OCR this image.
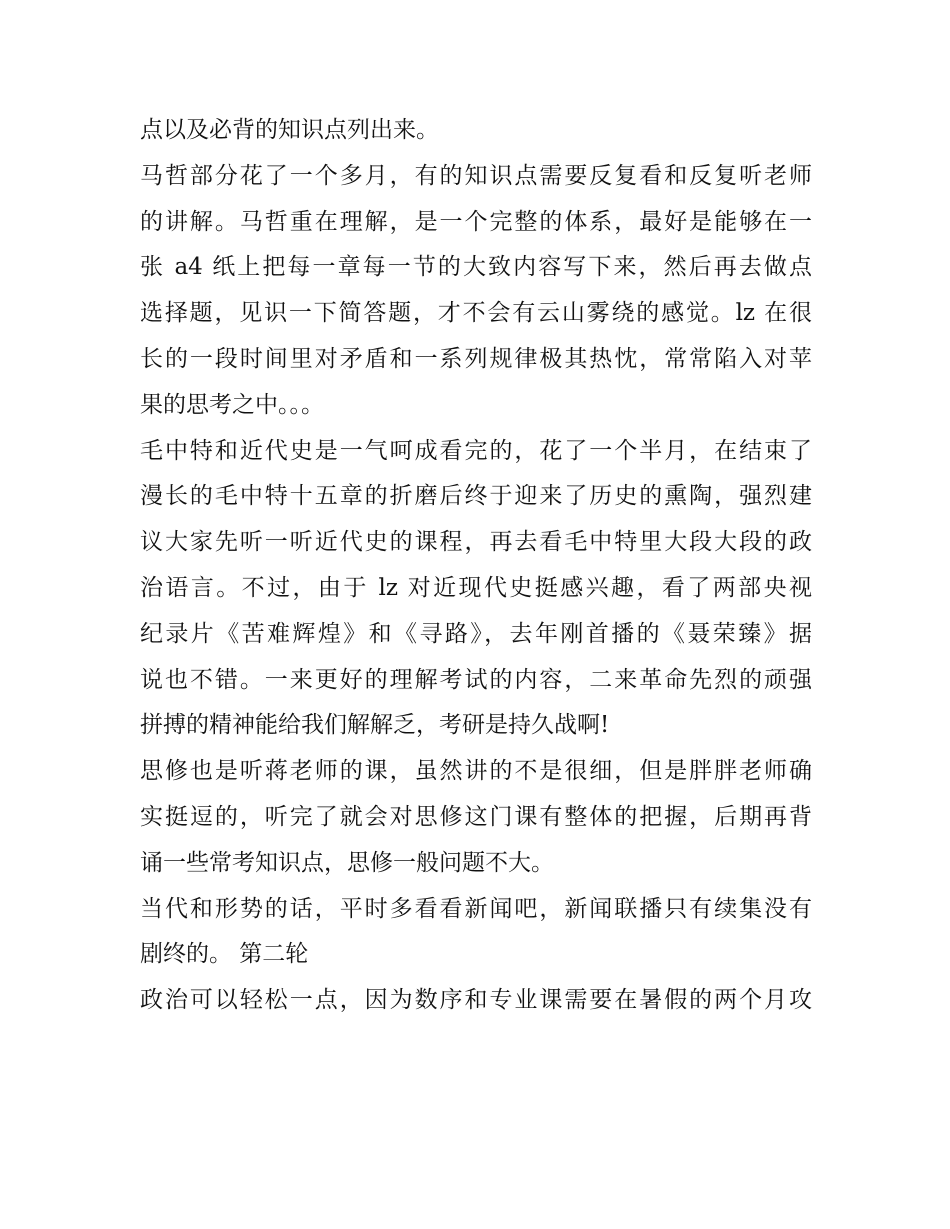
点以及必背的知识点列出来。
马哲部分花了一个多月，有的知识点需要反复看和反复听老师
的讲解。马哲重在理解，是一个完整的体系，最好是能够在一
张 a4 纸上把每一章每一节的大致内容写下来，然后再去做点
选择题，见识一下简答题，才不会有云山雾绕的感觉。lz 在很
长的一段时间里对矛盾和一系列规律极其热忱，常常陷入对苹
果的思考之中。。。
毛中特和近代史是一气呵成看完的，花了一个半月，在结束了
漫长的毛中特十五章的折磨后终于迎来了历史的熏陶，强烈建
议大家先听一听近代史的课程，再去看毛中特里大段大段的政
治语言。不过，由于 lz 对近现代史挺感兴趣，看了两部央视
纪录片《苦难辉煌》和《寻路》，去年刚首播的《聂荣臻》据
说也不错。一来更好的理解考试的内容，二来革命先烈的顽强
拼搏的精神能给我们解解乏，考研是持久战啊!
思修也是听蒋老师的课，虽然讲的不是很细，但是胖胖老师确
实挺逗的，听完了就会对思修这门课有整体的把握，后期再背
诵一些常考知识点，思修一般问题不大。
当代和形势的话，平时多看看新闻吧，新闻联播只有续集没有
剧终的。 第二轮
政治可以轻松一点，因为数序和专业课需要在暑假的两个月攻
